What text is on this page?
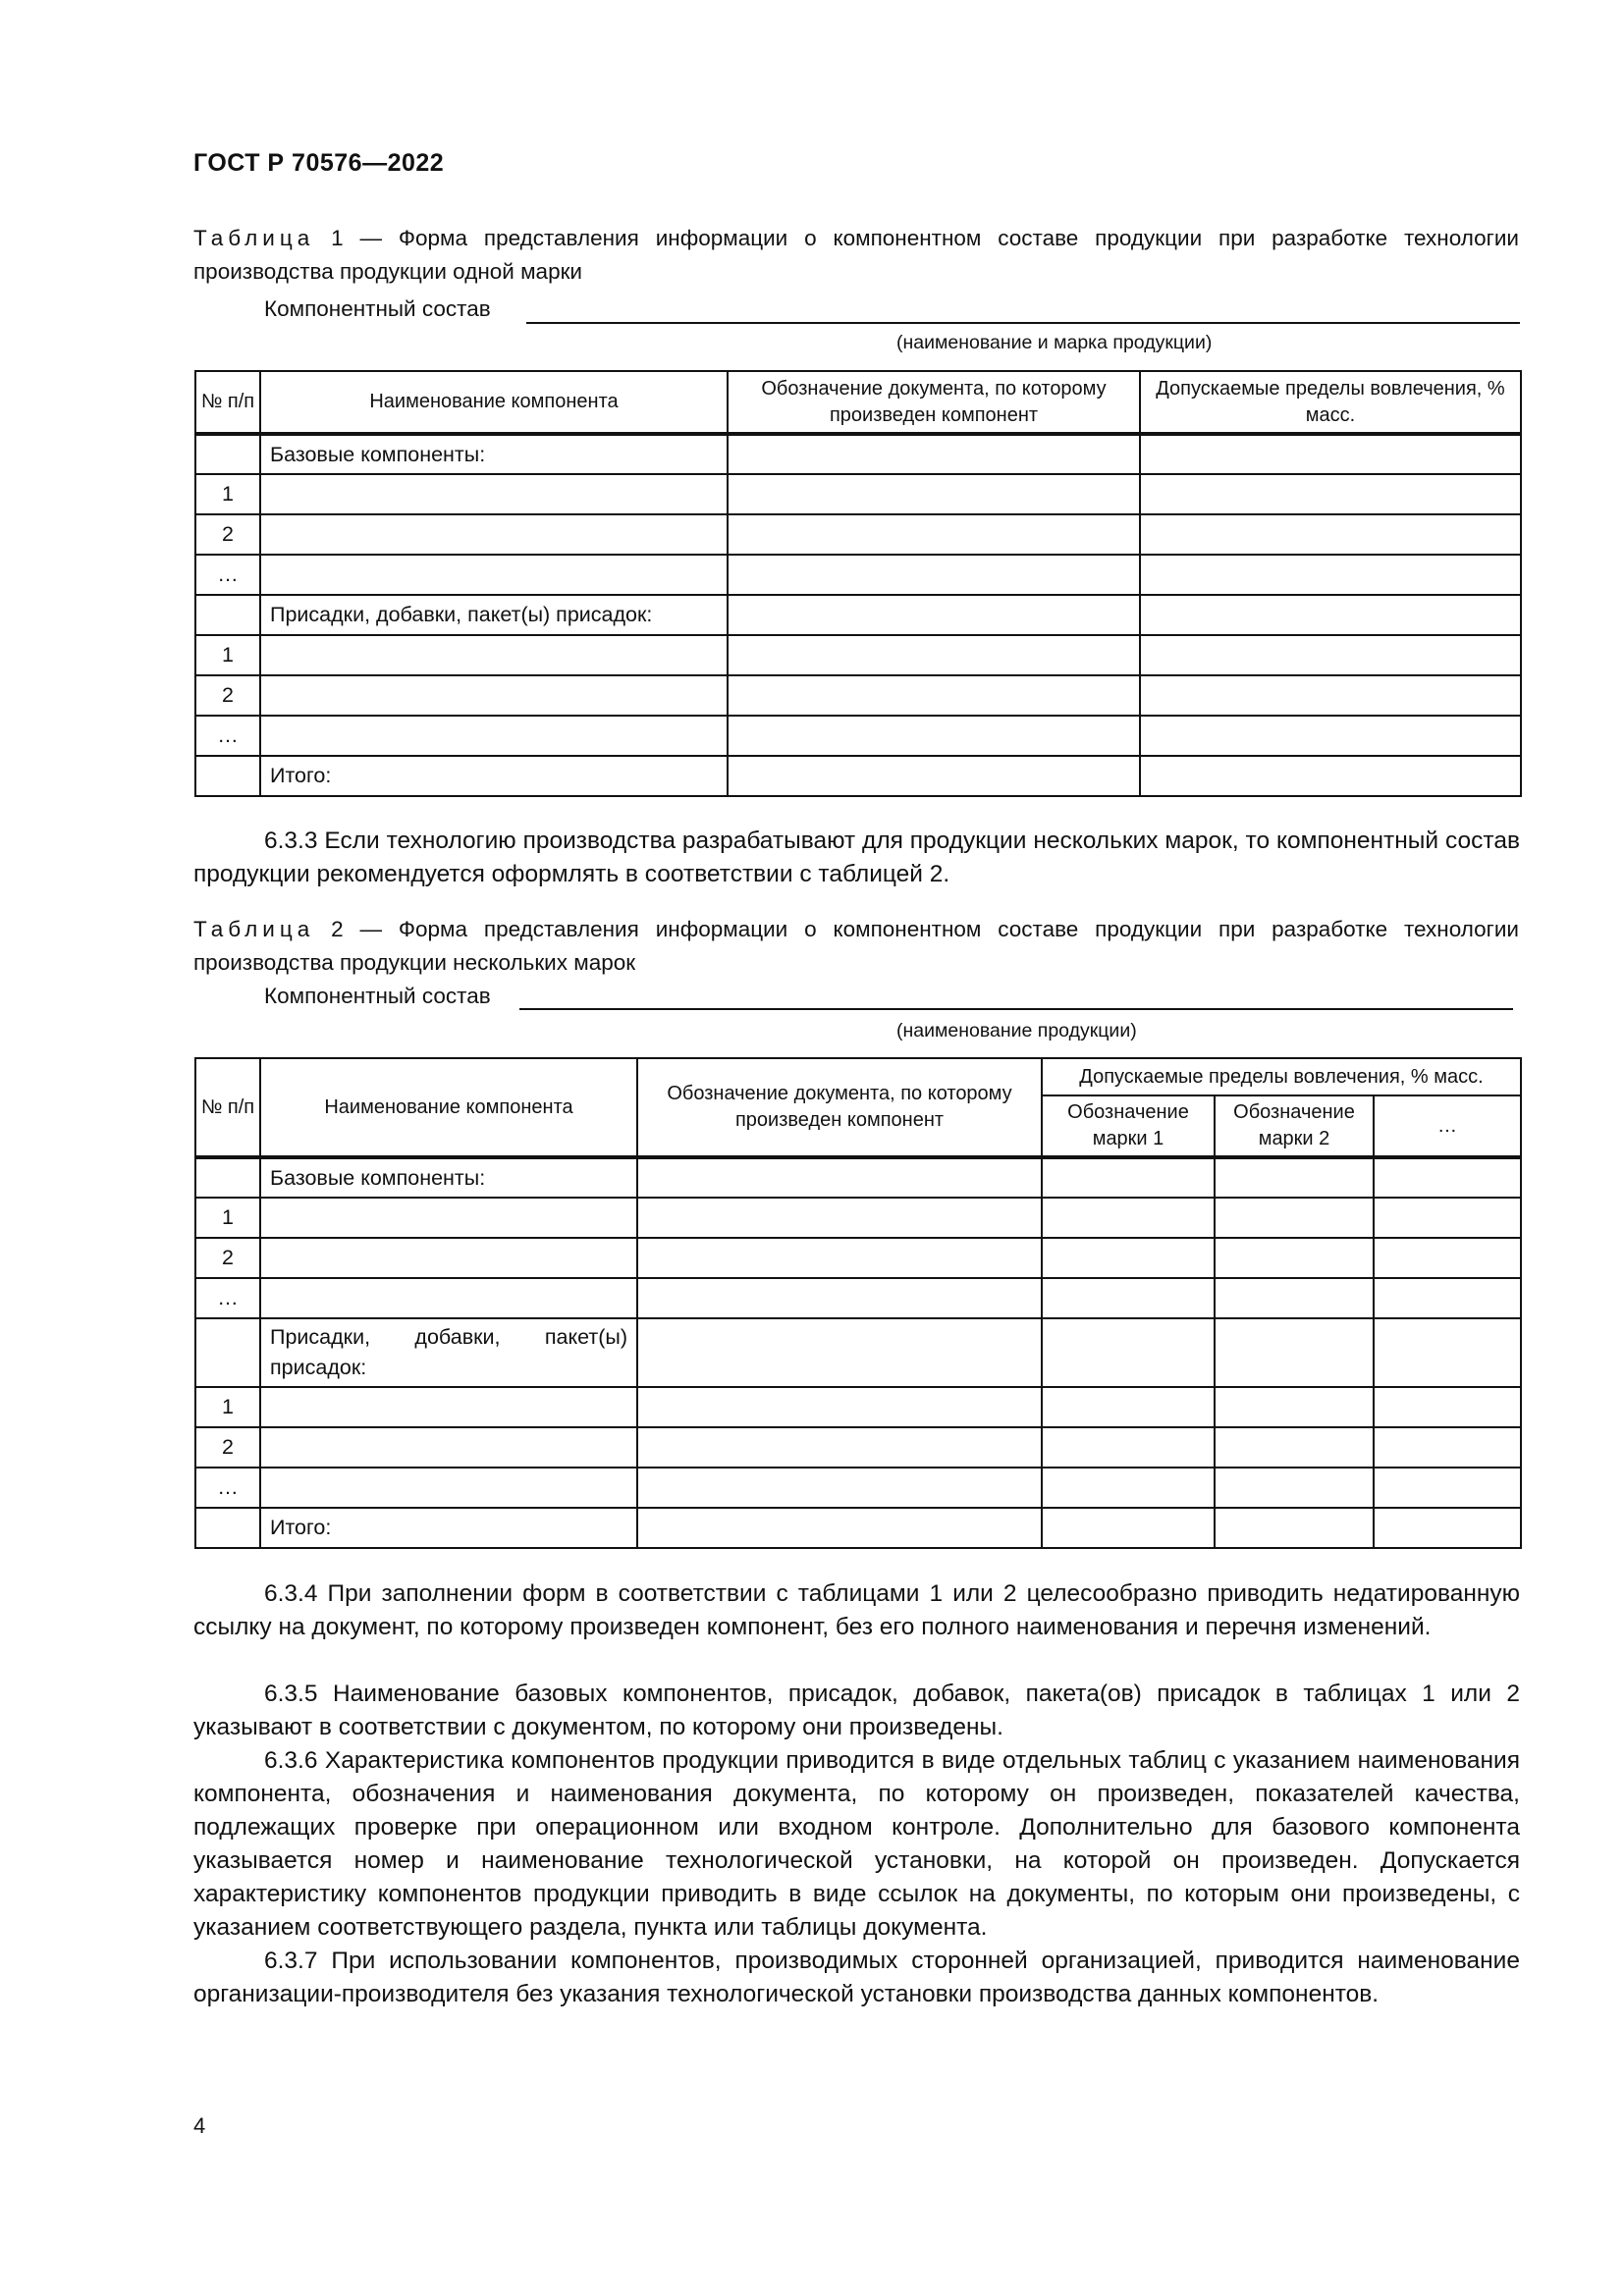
ГОСТ Р 70576—2022
Таблица 1 — Форма представления информации о компонентном составе продукции при разработке технологии производства продукции одной марки
Компонентный состав
(наименование и марка продукции)
№ п/п	Наименование компонента	Обозначение документа, по которому произведен компонент	Допускаемые пределы вовлечения, % масс.
	Базовые компоненты:		
1			
2			
…			
	Присадки, добавки, пакет(ы) присадок:		
1			
2			
…			
	Итого:		
6.3.3 Если технологию производства разрабатывают для продукции нескольких марок, то компонентный состав продукции рекомендуется оформлять в соответствии с таблицей 2.
Таблица 2 — Форма представления информации о компонентном составе продукции при разработке технологии производства продукции нескольких марок
Компонентный состав
(наименование продукции)
№ п/п	Наименование компонента	Обозначение документа, по которому произведен компонент	Допускаемые пределы вовлечения, % масс.		
			Обозначение марки 1	Обозначение марки 2	…
	Базовые компоненты:				
1					
2					
…					
	Присадки, добавки, пакет(ы) присадок:				
1					
2					
…					
	Итого:				
6.3.4 При заполнении форм в соответствии с таблицами 1 или 2 целесообразно приводить недатированную ссылку на документ, по которому произведен компонент, без его полного наименования и перечня изменений.
6.3.5 Наименование базовых компонентов, присадок, добавок, пакета(ов) присадок в таблицах 1 или 2 указывают в соответствии с документом, по которому они произведены.
6.3.6 Характеристика компонентов продукции приводится в виде отдельных таблиц с указанием наименования компонента, обозначения и наименования документа, по которому он произведен, показателей качества, подлежащих проверке при операционном или входном контроле. Дополнительно для базового компонента указывается номер и наименование технологической установки, на которой он произведен. Допускается характеристику компонентов продукции приводить в виде ссылок на документы, по которым они произведены, с указанием соответствующего раздела, пункта или таблицы документа.
6.3.7 При использовании компонентов, производимых сторонней организацией, приводится наименование организации-производителя без указания технологической установки производства данных компонентов.
4
